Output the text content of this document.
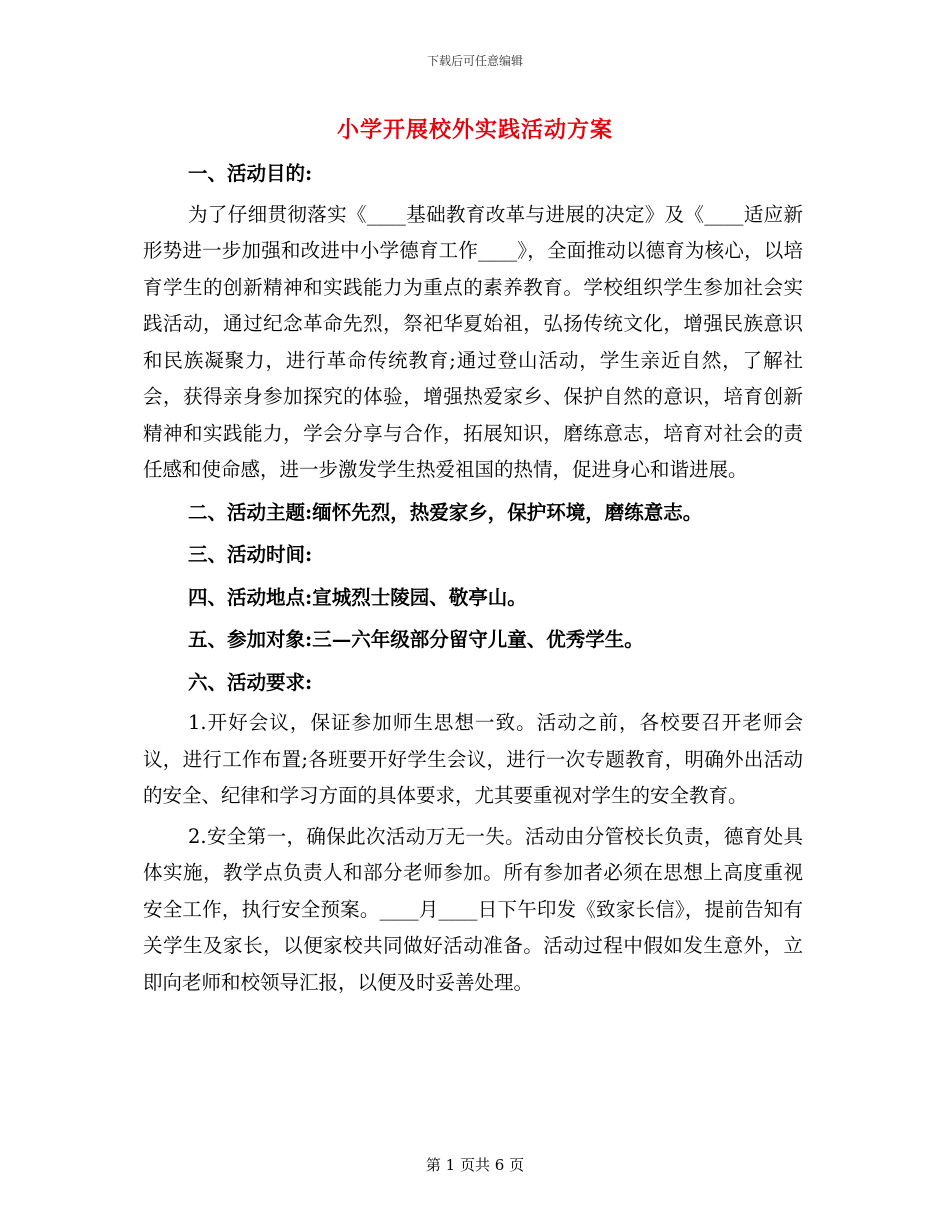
下载后可任意编辑
小学开展校外实践活动方案
一、活动目的:
为了仔细贯彻落实《____基础教育改革与进展的决定》及《____适应新形势进一步加强和改进中小学德育工作____》，全面推动以德育为核心，以培育学生的创新精神和实践能力为重点的素养教育。学校组织学生参加社会实践活动，通过纪念革命先烈，祭祀华夏始祖，弘扬传统文化，增强民族意识和民族凝聚力，进行革命传统教育;通过登山活动，学生亲近自然，了解社会，获得亲身参加探究的体验，增强热爱家乡、保护自然的意识，培育创新精神和实践能力，学会分享与合作，拓展知识，磨练意志，培育对社会的责任感和使命感，进一步激发学生热爱祖国的热情，促进身心和谐进展。
二、活动主题:缅怀先烈，热爱家乡，保护环境，磨练意志。
三、活动时间:
四、活动地点:宣城烈士陵园、敬亭山。
五、参加对象:三—六年级部分留守儿童、优秀学生。
六、活动要求:
1.开好会议，保证参加师生思想一致。活动之前，各校要召开老师会议，进行工作布置;各班要开好学生会议，进行一次专题教育，明确外出活动的安全、纪律和学习方面的具体要求，尤其要重视对学生的安全教育。
2.安全第一，确保此次活动万无一失。活动由分管校长负责，德育处具体实施，教学点负责人和部分老师参加。所有参加者必须在思想上高度重视安全工作，执行安全预案。____月____日下午印发《致家长信》，提前告知有关学生及家长，以便家校共同做好活动准备。活动过程中假如发生意外，立即向老师和校领导汇报，以便及时妥善处理。
第 1 页共 6 页
